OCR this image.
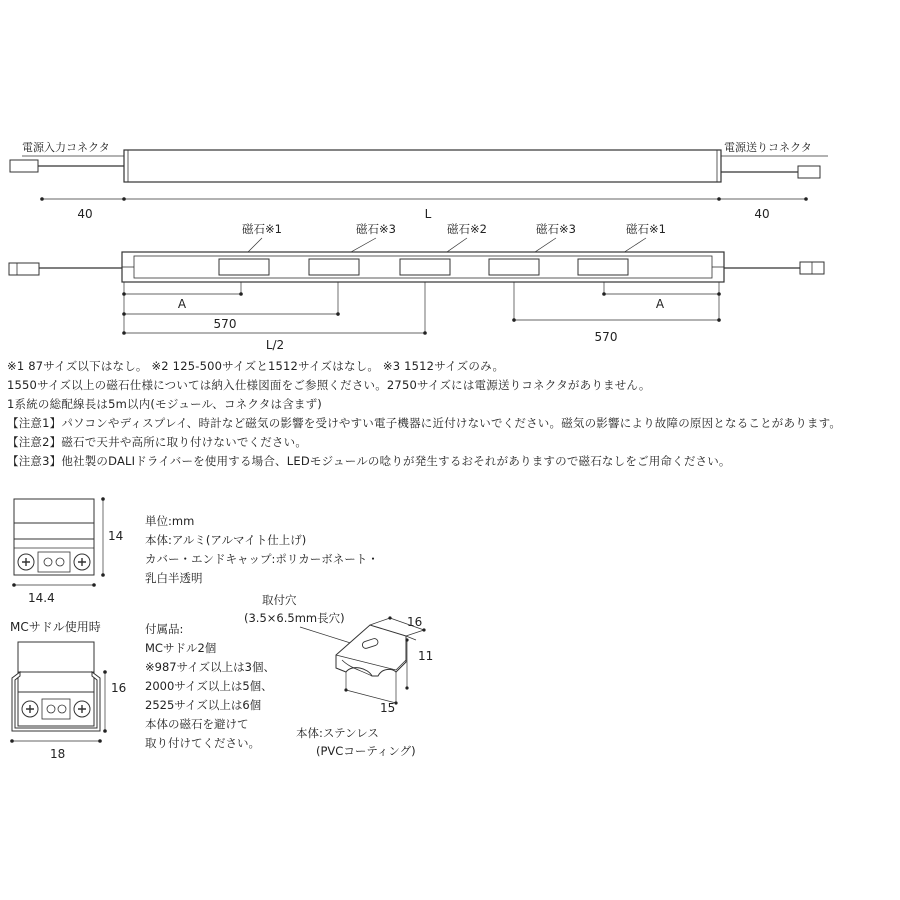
電源入力コネクタ	電源送りコネクタ
40	L	40
磁石※1	磁石※3	磁石※2	磁石※3	磁石※1
A	A
570
570
L/2
14
14.4
MCサドル使用時
16
18
取付穴
(3.5×6.5mm長穴)	16
11
15
本体:ステンレス
(PVCコーティング)
※1 87サイズ以下はなし。 ※2 125-500サイズと1512サイズはなし。 ※3 1512サイズのみ。
1550サイズ以上の磁石仕様については納入仕様図面をご参照ください。2750サイズには電源送りコネクタがありません。
1系統の総配線長は5m以内(モジュール、コネクタは含まず)
【注意1】パソコンやディスプレイ、時計など磁気の影響を受けやすい電子機器に近付けないでください。磁気の影響により故障の原因となることがあります。
【注意2】磁石で天井や高所に取り付けないでください。
【注意3】他社製のDALIドライバーを使用する場合、LEDモジュールの唸りが発生するおそれがありますので磁石なしをご用命ください。
単位:mm
本体:アルミ(アルマイト仕上げ)
カバー・エンドキャップ:ポリカーボネート・
乳白半透明
付属品:
MCサドル2個
※987サイズ以上は3個、
2000サイズ以上は5個、
2525サイズ以上は6個
本体の磁石を避けて
取り付けてください。
